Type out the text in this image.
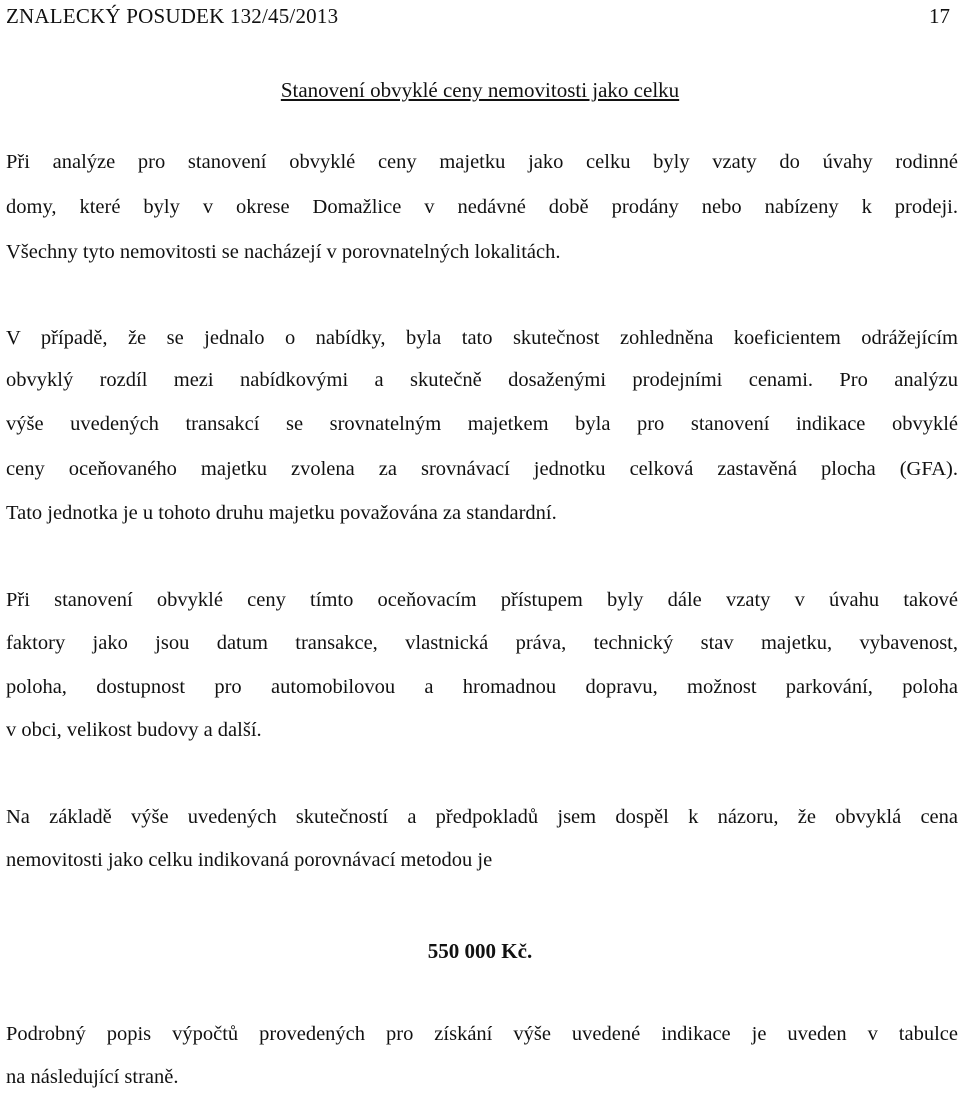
ZNALECKÝ POSUDEK 132/45/2013	17
Stanovení obvyklé ceny nemovitosti jako celku
Při analýze pro stanovení obvyklé ceny majetku jako celku byly vzaty do úvahy rodinné
domy, které byly v okrese Domažlice v nedávné době prodány nebo nabízeny k prodeji.
Všechny tyto nemovitosti se nacházejí v porovnatelných lokalitách.
V případě, že se jednalo o nabídky, byla tato skutečnost zohledněna koeficientem odrážejícím
obvyklý rozdíl mezi nabídkovými a skutečně dosaženými prodejními cenami. Pro analýzu
výše uvedených transakcí se srovnatelným majetkem byla pro stanovení indikace obvyklé
ceny oceňovaného majetku zvolena za srovnávací jednotku celková zastavěná plocha (GFA).
Tato jednotka je u tohoto druhu majetku považována za standardní.
Při stanovení obvyklé ceny tímto oceňovacím přístupem byly dále vzaty v úvahu takové
faktory jako jsou datum transakce, vlastnická práva, technický stav majetku, vybavenost,
poloha, dostupnost pro automobilovou a hromadnou dopravu, možnost parkování, poloha
v obci, velikost budovy a další.
Na základě výše uvedených skutečností a předpokladů jsem dospěl k názoru, že obvyklá cena
nemovitosti jako celku indikovaná porovnávací metodou je
550 000 Kč.
Podrobný popis výpočtů provedených pro získání výše uvedené indikace je uveden v tabulce
na následující straně.
